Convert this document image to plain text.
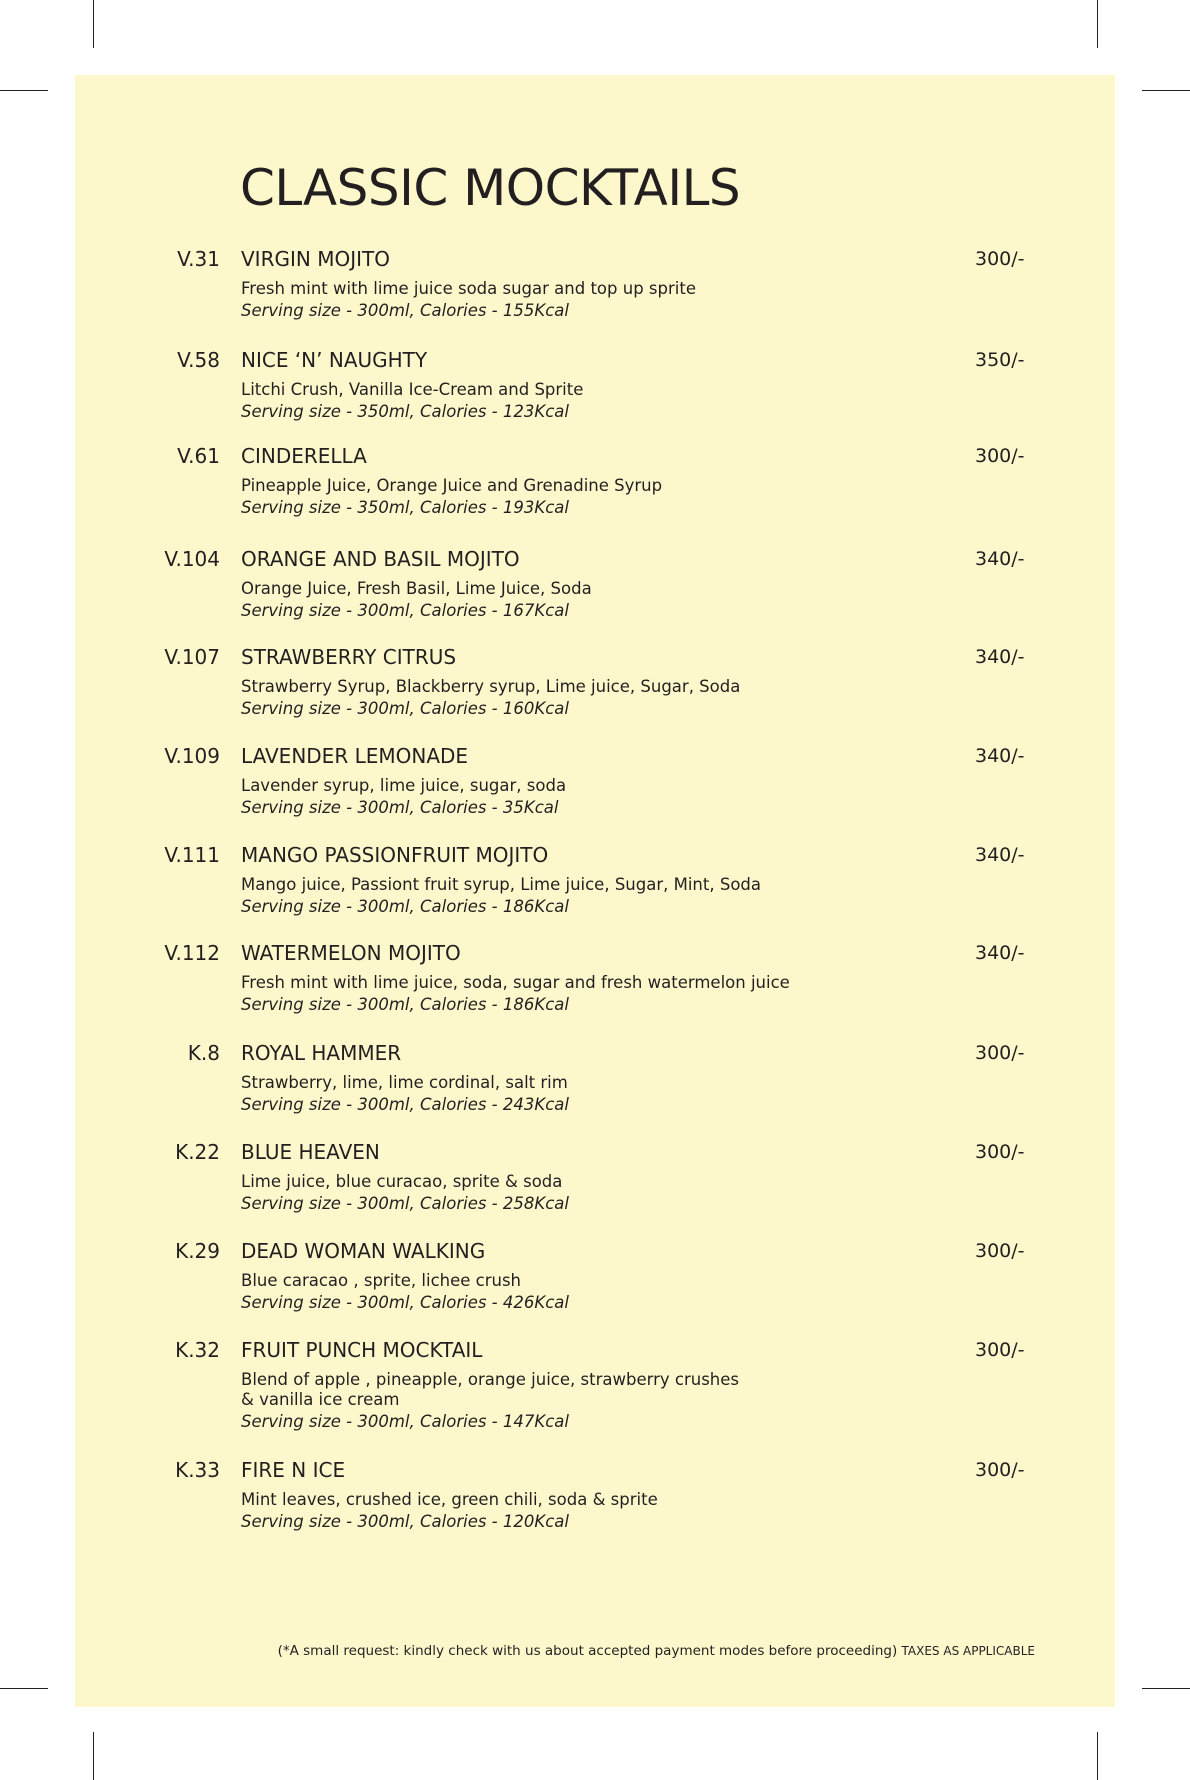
CLASSIC MOCKTAILS
V.31 VIRGIN MOJITO	300/-
Fresh mint with lime juice soda sugar and top up sprite
Serving size - 300ml, Calories - 155Kcal
V.58 NICE ‘N’ NAUGHTY	350/-
Litchi Crush, Vanilla Ice-Cream and Sprite
Serving size - 350ml, Calories - 123Kcal
V.61 CINDERELLA	300/-
Pineapple Juice, Orange Juice and Grenadine Syrup
Serving size - 350ml, Calories - 193Kcal
V.104 ORANGE AND BASIL MOJITO	340/-
Orange Juice, Fresh Basil, Lime Juice, Soda
Serving size - 300ml, Calories - 167Kcal
V.107 STRAWBERRY CITRUS	340/-
Strawberry Syrup, Blackberry syrup, Lime juice, Sugar, Soda
Serving size - 300ml, Calories - 160Kcal
V.109 LAVENDER LEMONADE	340/-
Lavender syrup, lime juice, sugar, soda
Serving size - 300ml, Calories - 35Kcal
V.111 MANGO PASSIONFRUIT MOJITO	340/-
Mango juice, Passiont fruit syrup, Lime juice, Sugar, Mint, Soda
Serving size - 300ml, Calories - 186Kcal
V.112 WATERMELON MOJITO	340/-
Fresh mint with lime juice, soda, sugar and fresh watermelon juice
Serving size - 300ml, Calories - 186Kcal
K.8 ROYAL HAMMER	300/-
Strawberry, lime, lime cordinal, salt rim
Serving size - 300ml, Calories - 243Kcal
K.22 BLUE HEAVEN	300/-
Lime juice, blue curacao, sprite & soda
Serving size - 300ml, Calories - 258Kcal
K.29 DEAD WOMAN WALKING	300/-
Blue caracao , sprite, lichee crush
Serving size - 300ml, Calories - 426Kcal
K.32 FRUIT PUNCH MOCKTAIL	300/-
Blend of apple , pineapple, orange juice, strawberry crushes
& vanilla ice cream
Serving size - 300ml, Calories - 147Kcal
K.33 FIRE N ICE	300/-
Mint leaves, crushed ice, green chili, soda & sprite
Serving size - 300ml, Calories - 120Kcal
(*A small request: kindly check with us about accepted payment modes before proceeding) TAXES AS APPLICABLE
